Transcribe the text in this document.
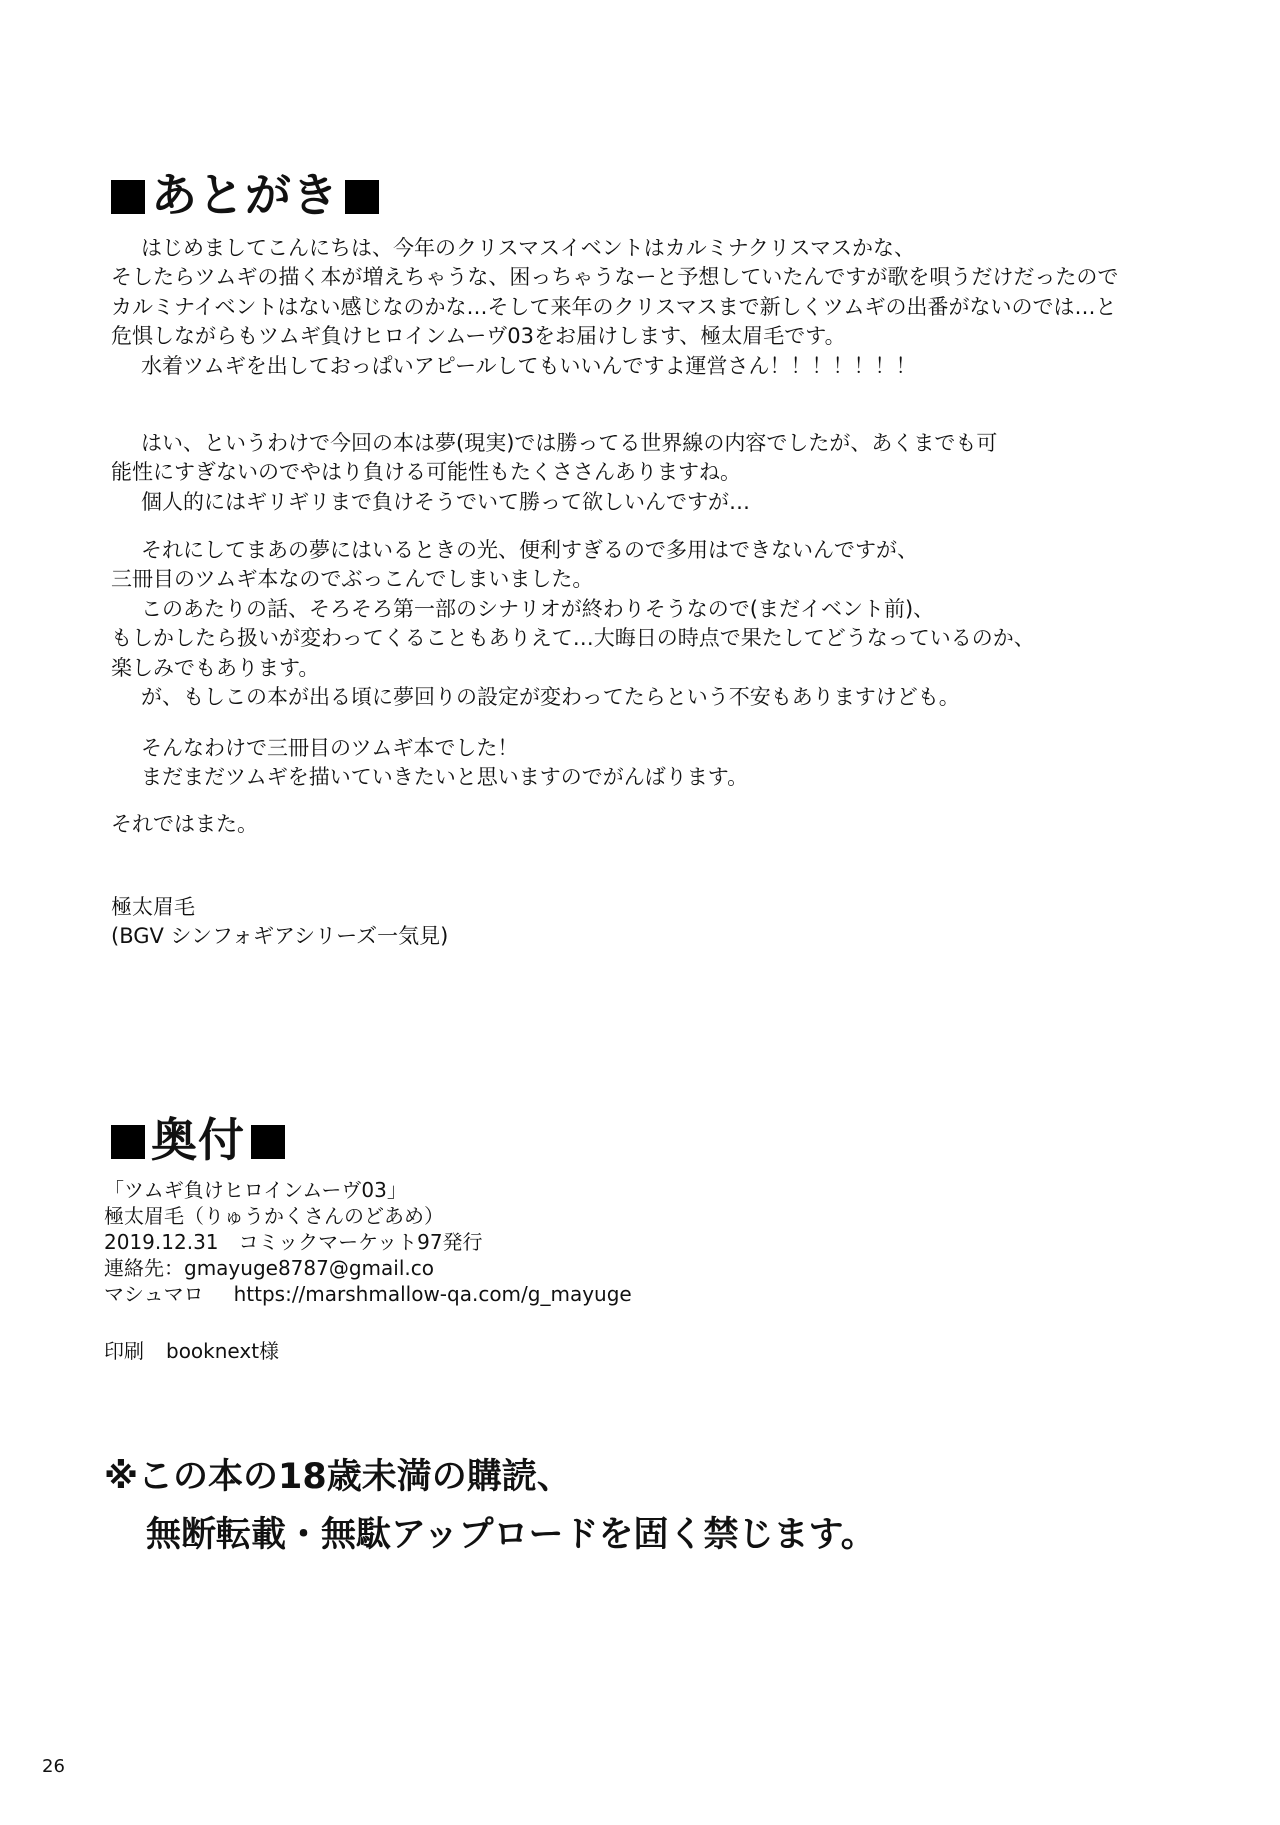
あとがき
はじめましてこんにちは、今年のクリスマスイベントはカルミナクリスマスかな、
そしたらツムギの描く本が増えちゃうな、困っちゃうなーと予想していたんですが歌を唄うだけだったので
カルミナイベントはない感じなのかな…そして来年のクリスマスまで新しくツムギの出番がないのでは…と
危惧しながらもツムギ負けヒロインムーヴ03をお届けします、極太眉毛です。
水着ツムギを出しておっぱいアピールしてもいいんですよ運営さん！！！！！！！
はい、というわけで今回の本は夢(現実)では勝ってる世界線の内容でしたが、あくまでも可
能性にすぎないのでやはり負ける可能性もたくささんありますね。
個人的にはギリギリまで負けそうでいて勝って欲しいんですが…
それにしてまあの夢にはいるときの光、便利すぎるので多用はできないんですが、
三冊目のツムギ本なのでぶっこんでしまいました。
このあたりの話、そろそろ第一部のシナリオが終わりそうなので(まだイベント前)、
もしかしたら扱いが変わってくることもありえて…大晦日の時点で果たしてどうなっているのか、
楽しみでもあります。
が、もしこの本が出る頃に夢回りの設定が変わってたらという不安もありますけども。
そんなわけで三冊目のツムギ本でした！
まだまだツムギを描いていきたいと思いますのでがんばります。
それではまた。
極太眉毛
(BGV シンフォギアシリーズ一気見)
奥付
「ツムギ負けヒロインムーヴ03」
極太眉毛（りゅうかくさんのどあめ）
2019.12.31　コミックマーケット97発行
連絡先：gmayuge8787@gmail.co
マシュマロ https://marshmallow-qa.com/g_mayuge
印刷 booknext様
※この本の18歳未満の購読、
無断転載・無駄アップロードを固く禁じます。
26
